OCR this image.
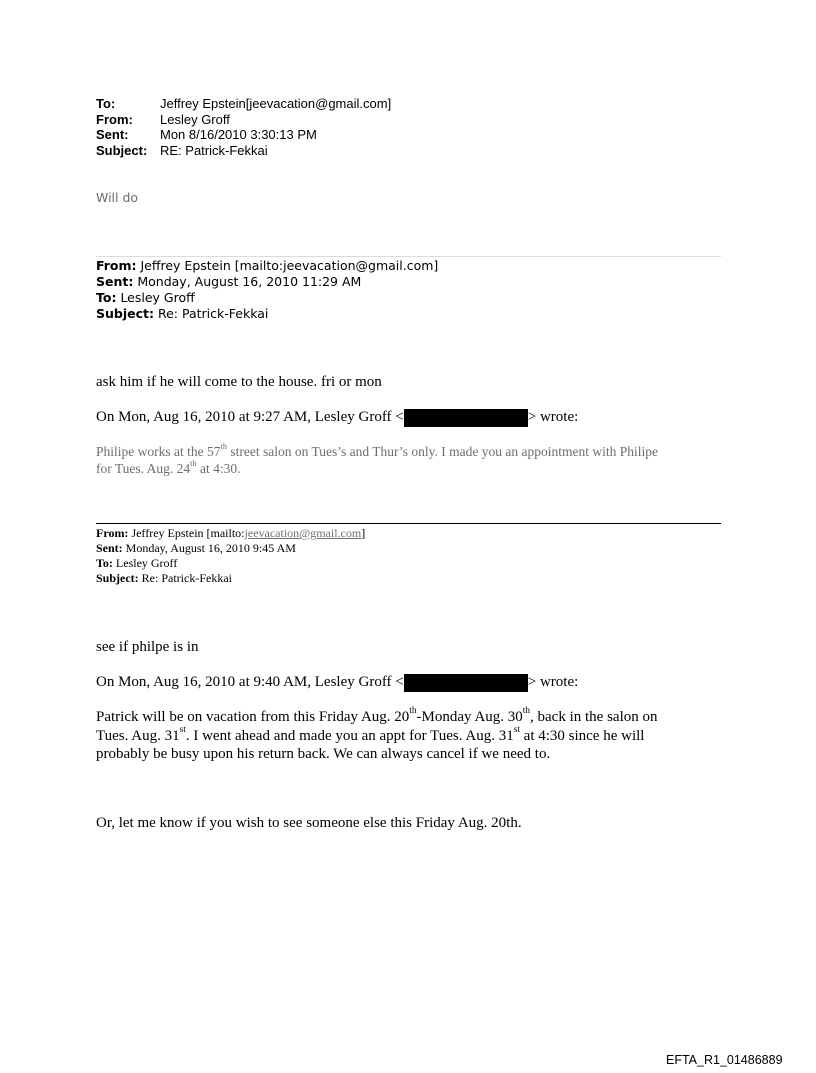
To:	Jeffrey Epstein[jeevacation@gmail.com]
From: Lesley Groff
Sent: Mon 8/16/2010 3:30:13 PM
Subject: RE: Patrick-Fekkai
Will do
From: Jeffrey Epstein [mailto:jeevacation@gmail.com]
Sent: Monday, August 16, 2010 11:29 AM
To: Lesley Groff
Subject: Re: Patrick-Fekkai
ask him if he will come to the house. fri or mon
On Mon, Aug 16, 2010 at 9:27 AM, Lesley Groff <	> wrote:
Philipe works at the 57th street salon on Tues’s and Thur’s only. I made you an appointment with Philipe
for Tues. Aug. 24th at 4:30.
From: Jeffrey Epstein [mailto:jeevacation@gmail.com]
Sent: Monday, August 16, 2010 9:45 AM
To: Lesley Groff
Subject: Re: Patrick-Fekkai
see if philpe is in
On Mon, Aug 16, 2010 at 9:40 AM, Lesley Groff <	> wrote:
Patrick will be on vacation from this Friday Aug. 20th-Monday Aug. 30th, back in the salon on
Tues. Aug. 31st. I went ahead and made you an appt for Tues. Aug. 31st at 4:30 since he will
probably be busy upon his return back. We can always cancel if we need to.
Or, let me know if you wish to see someone else this Friday Aug. 20th.
EFTA_R1_01486889
